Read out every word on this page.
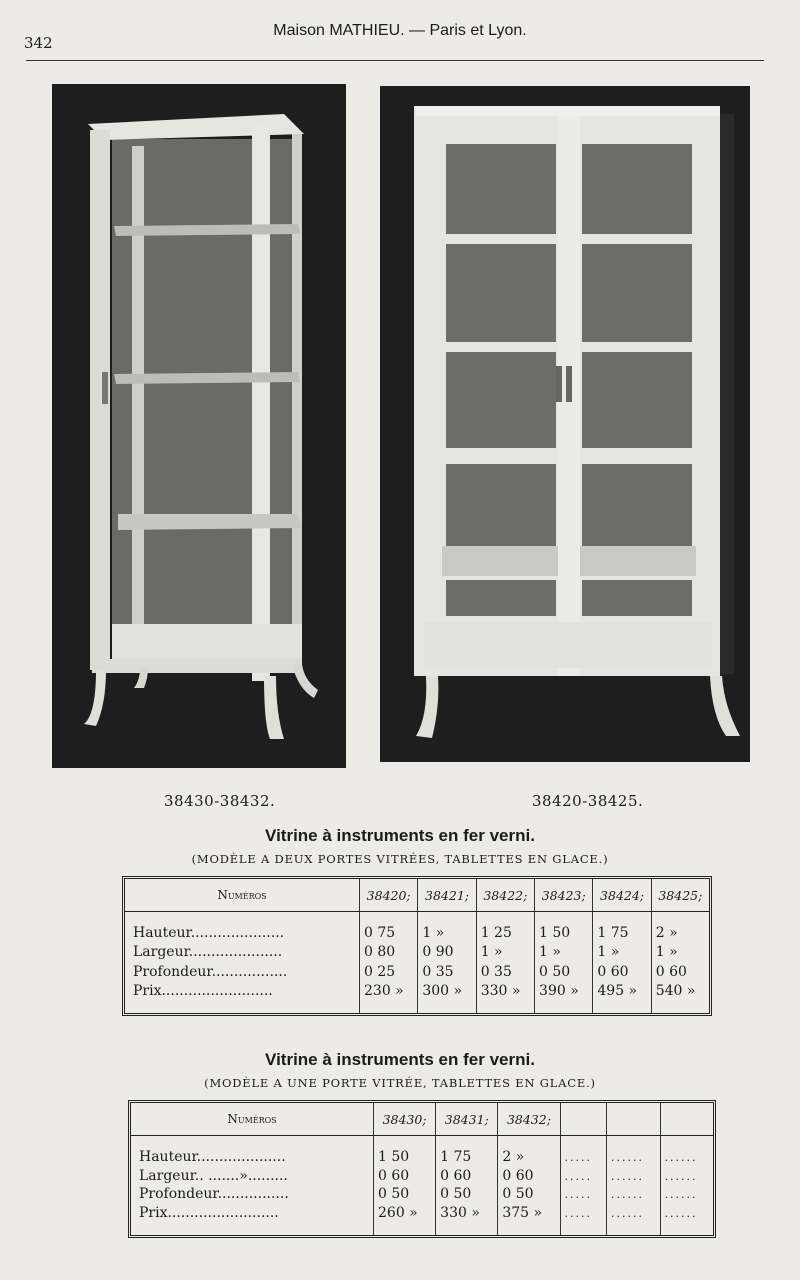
342
Maison MATHIEU. — Paris et Lyon.
38430-38432.	38420-38425.
Vitrine à instruments en fer verni.
(MODÈLE A DEUX PORTES VITRÉES, TABLETTES EN GLACE.)
Numéros	38420;	38421;	38422;	38423;	38424;	38425;

Hauteur.....................	0 75	1 »	1 25	1 50	1 75	2 »
Largeur.....................	0 80	0 90	1 »	1 »	1 »	1 »
Profondeur.................	0 25	0 35	0 35	0 50	0 60	0 60
Prix.........................	230 »	300 »	330 »	390 »	495 »	540 »

Vitrine à instruments en fer verni.
(MODÈLE A UNE PORTE VITRÉE, TABLETTES EN GLACE.)
Numéros	38430;	38431;	38432;			

Hauteur....................	1 50	1 75	2 »	.....	......	......
Largeur.. .......».........	0 60	0 60	0 60	.....	......	......
Profondeur................	0 50	0 50	0 50	.....	......	......
Prix.........................	260 »	330 »	375 »	.....	......	......
